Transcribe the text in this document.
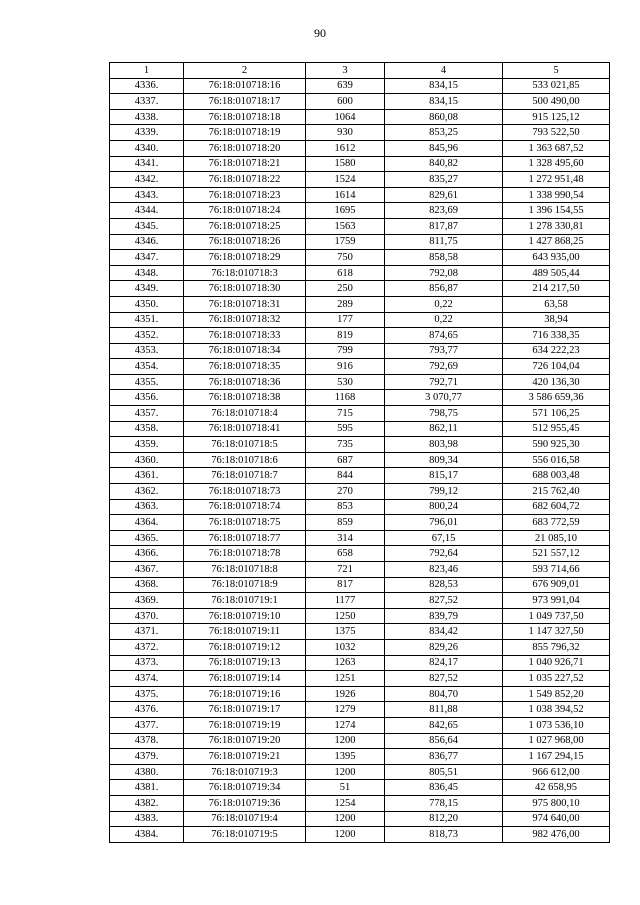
90
1	2	3	4	5
4336.	76:18:010718:16	639	834,15	533 021,85
4337.	76:18:010718:17	600	834,15	500 490,00
4338.	76:18:010718:18	1064	860,08	915 125,12
4339.	76:18:010718:19	930	853,25	793 522,50
4340.	76:18:010718:20	1612	845,96	1 363 687,52
4341.	76:18:010718:21	1580	840,82	1 328 495,60
4342.	76:18:010718:22	1524	835,27	1 272 951,48
4343.	76:18:010718:23	1614	829,61	1 338 990,54
4344.	76:18:010718:24	1695	823,69	1 396 154,55
4345.	76:18:010718:25	1563	817,87	1 278 330,81
4346.	76:18:010718:26	1759	811,75	1 427 868,25
4347.	76:18:010718:29	750	858,58	643 935,00
4348.	76:18:010718:3	618	792,08	489 505,44
4349.	76:18:010718:30	250	856,87	214 217,50
4350.	76:18:010718:31	289	0,22	63,58
4351.	76:18:010718:32	177	0,22	38,94
4352.	76:18:010718:33	819	874,65	716 338,35
4353.	76:18:010718:34	799	793,77	634 222,23
4354.	76:18:010718:35	916	792,69	726 104,04
4355.	76:18:010718:36	530	792,71	420 136,30
4356.	76:18:010718:38	1168	3 070,77	3 586 659,36
4357.	76:18:010718:4	715	798,75	571 106,25
4358.	76:18:010718:41	595	862,11	512 955,45
4359.	76:18:010718:5	735	803,98	590 925,30
4360.	76:18:010718:6	687	809,34	556 016,58
4361.	76:18:010718:7	844	815,17	688 003,48
4362.	76:18:010718:73	270	799,12	215 762,40
4363.	76:18:010718:74	853	800,24	682 604,72
4364.	76:18:010718:75	859	796,01	683 772,59
4365.	76:18:010718:77	314	67,15	21 085,10
4366.	76:18:010718:78	658	792,64	521 557,12
4367.	76:18:010718:8	721	823,46	593 714,66
4368.	76:18:010718:9	817	828,53	676 909,01
4369.	76:18:010719:1	1177	827,52	973 991,04
4370.	76:18:010719:10	1250	839,79	1 049 737,50
4371.	76:18:010719:11	1375	834,42	1 147 327,50
4372.	76:18:010719:12	1032	829,26	855 796,32
4373.	76:18:010719:13	1263	824,17	1 040 926,71
4374.	76:18:010719:14	1251	827,52	1 035 227,52
4375.	76:18:010719:16	1926	804,70	1 549 852,20
4376.	76:18:010719:17	1279	811,88	1 038 394,52
4377.	76:18:010719:19	1274	842,65	1 073 536,10
4378.	76:18:010719:20	1200	856,64	1 027 968,00
4379.	76:18:010719:21	1395	836,77	1 167 294,15
4380.	76:18:010719:3	1200	805,51	966 612,00
4381.	76:18:010719:34	51	836,45	42 658,95
4382.	76:18:010719:36	1254	778,15	975 800,10
4383.	76:18:010719:4	1200	812,20	974 640,00
4384.	76:18:010719:5	1200	818,73	982 476,00
